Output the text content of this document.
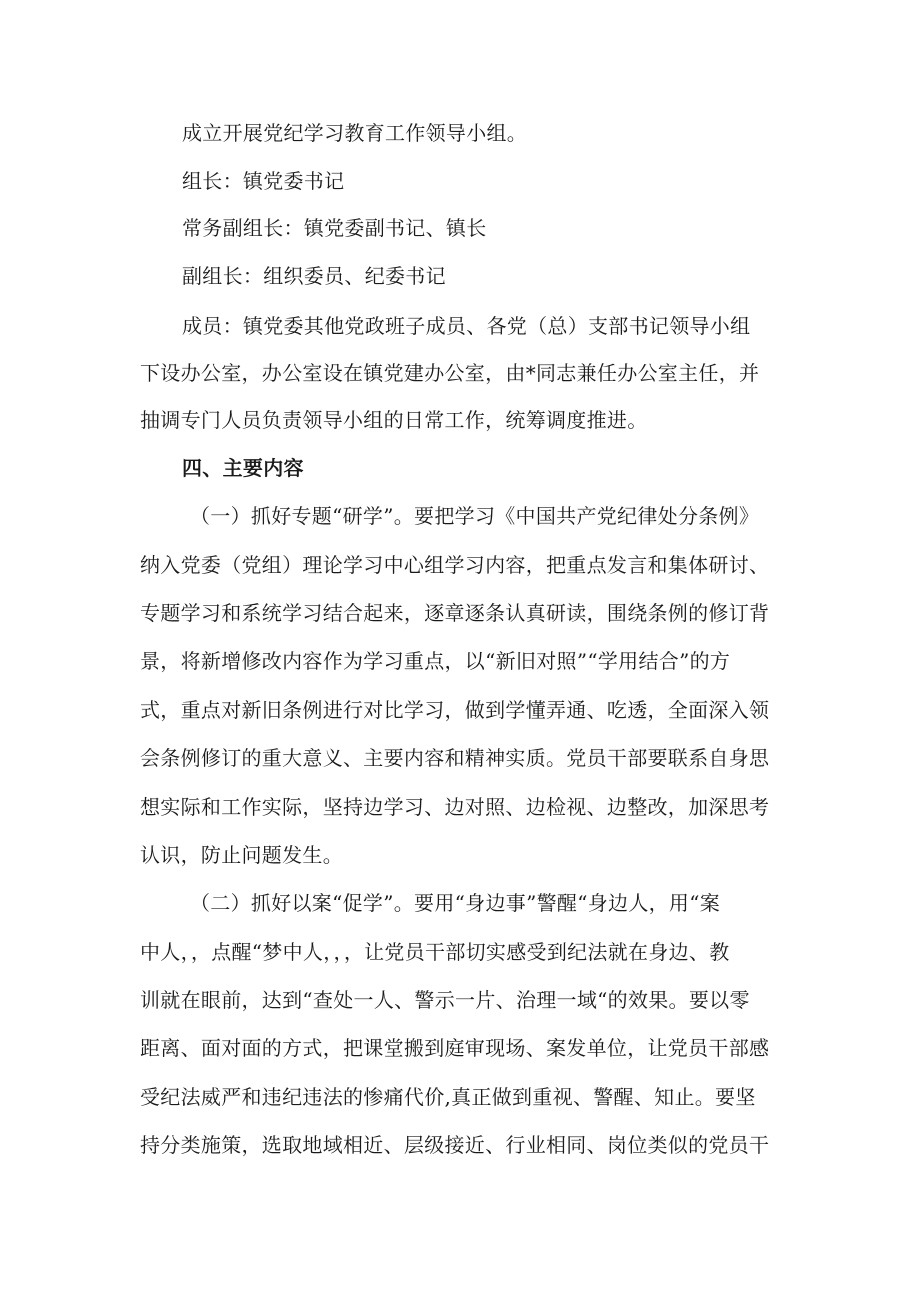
成立开展党纪学习教育工作领导小组。
组长：镇党委书记
常务副组长：镇党委副书记、镇长
副组长：组织委员、纪委书记
成员：镇党委其他党政班子成员、各党（总）支部书记领导小组
下设办公室，办公室设在镇党建办公室，由*同志兼任办公室主任，并
抽调专门人员负责领导小组的日常工作，统筹调度推进。
四、主要内容
（一）抓好专题“研学”。要把学习《中国共产党纪律处分条例》
纳入党委（党组）理论学习中心组学习内容，把重点发言和集体研讨、
专题学习和系统学习结合起来，逐章逐条认真研读，围绕条例的修订背
景，将新增修改内容作为学习重点，以“新旧对照”“学用结合”的方
式，重点对新旧条例进行对比学习，做到学懂弄通、吃透，全面深入领
会条例修订的重大意义、主要内容和精神实质。党员干部要联系自身思
想实际和工作实际，坚持边学习、边对照、边检视、边整改，加深思考
认识，防止问题发生。
（二）抓好以案“促学”。要用“身边事”警醒“身边人，用“案
中人，，点醒“梦中人，，，让党员干部切实感受到纪法就在身边、教
训就在眼前，达到“查处一人、警示一片、治理一域“的效果。要以零
距离、面对面的方式，把课堂搬到庭审现场、案发单位，让党员干部感
受纪法威严和违纪违法的惨痛代价,真正做到重视、警醒、知止。要坚
持分类施策，选取地域相近、层级接近、行业相同、岗位类似的党员干
